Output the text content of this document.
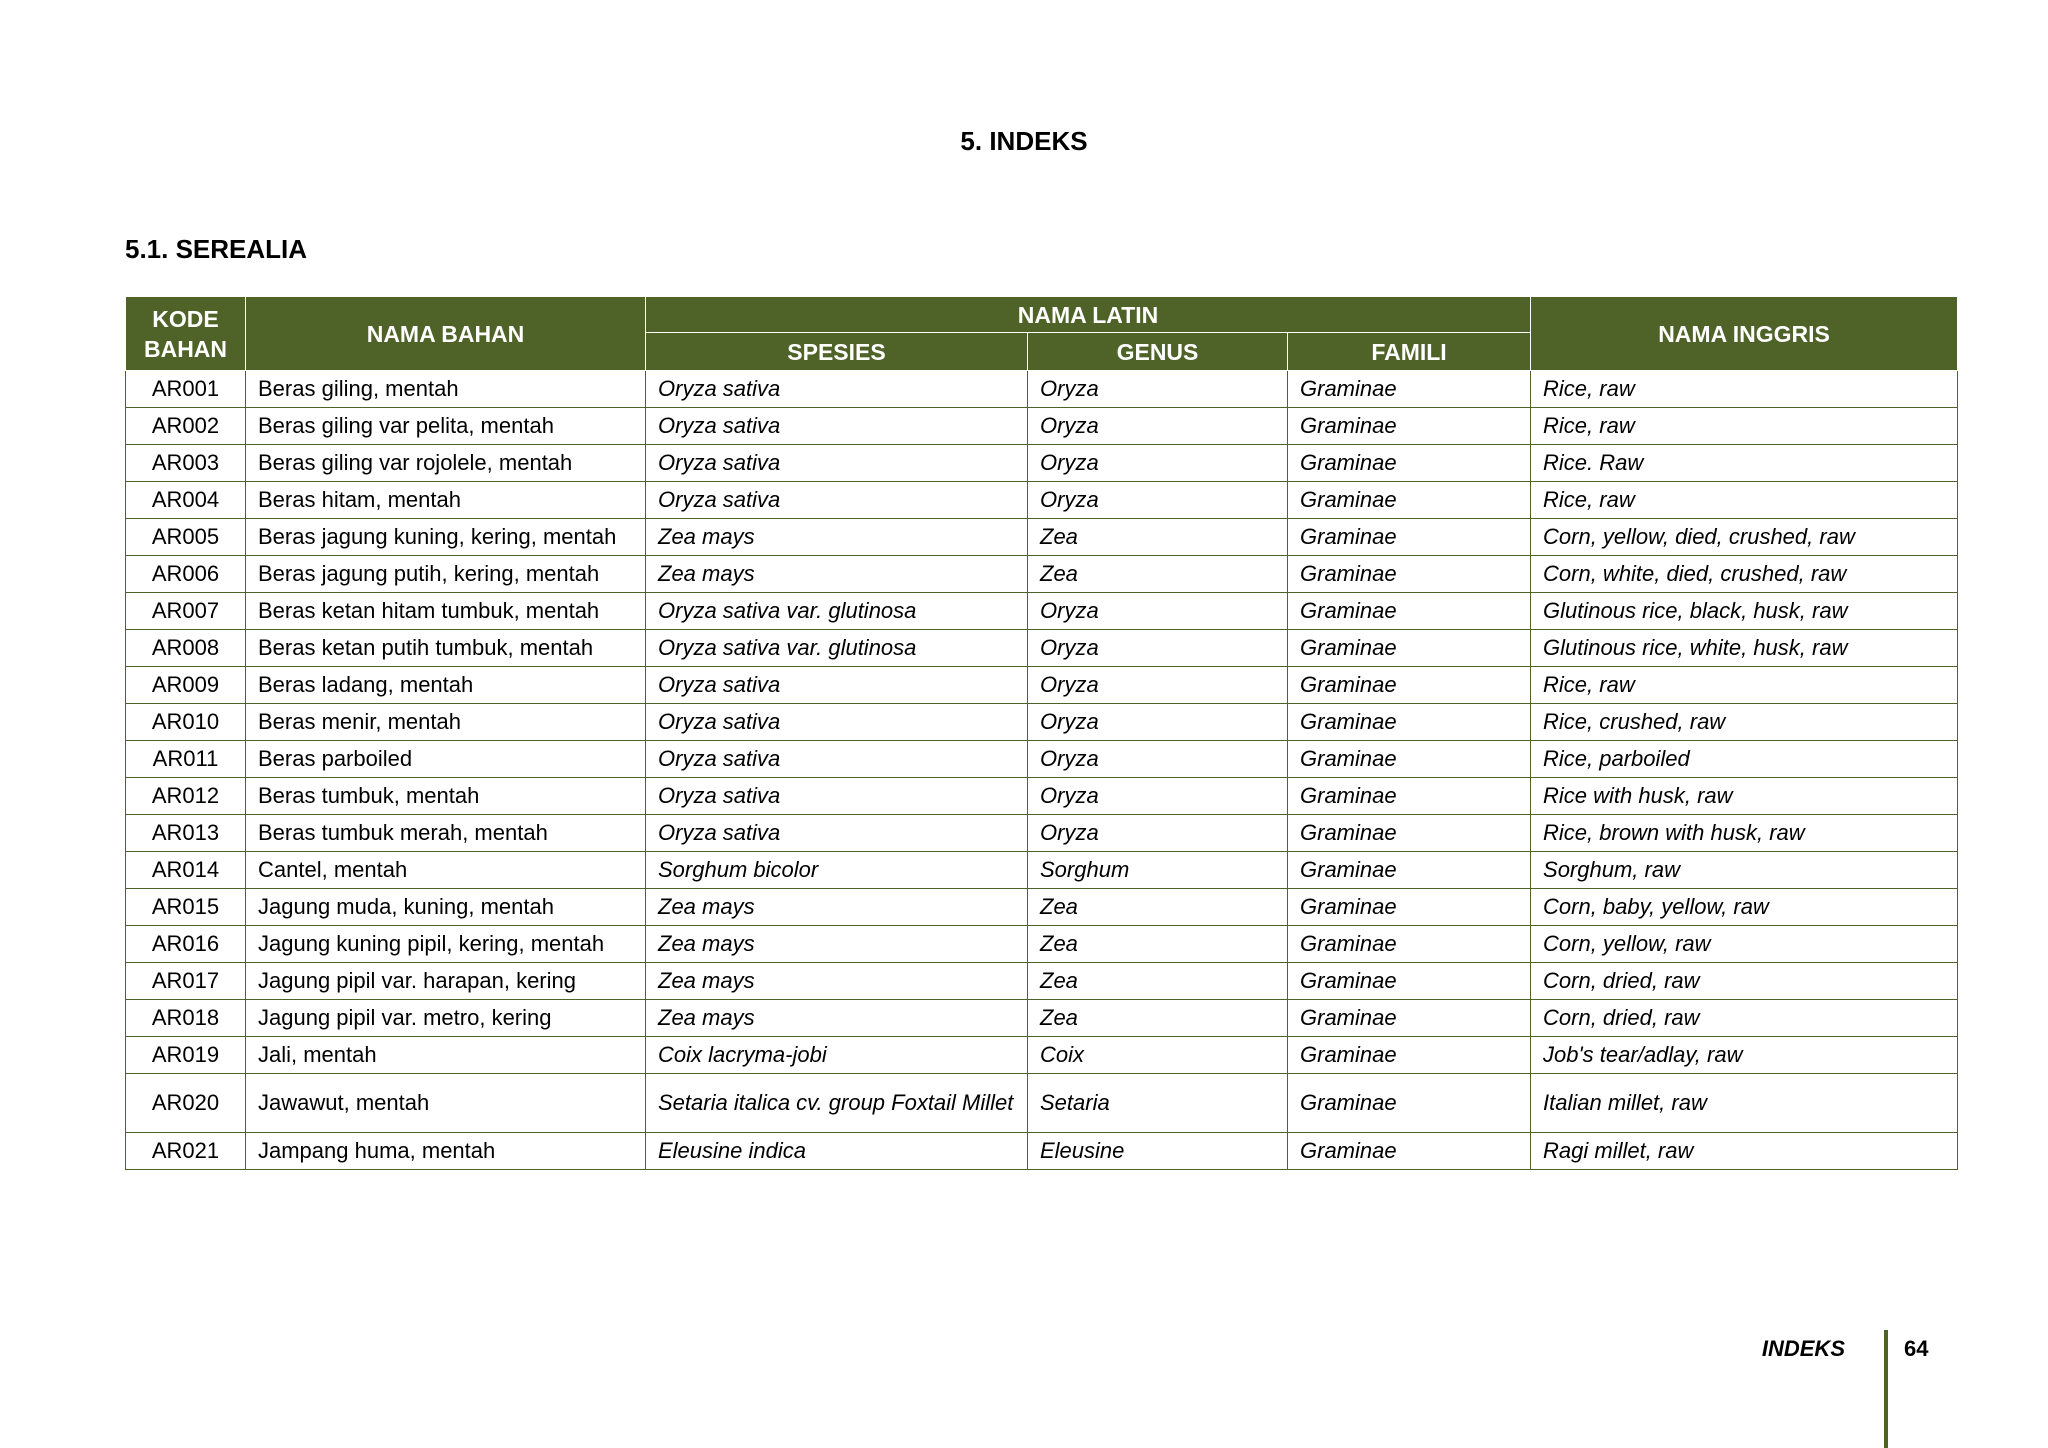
5. INDEKS
5.1. SEREALIA
KODE BAHAN	NAMA BAHAN	NAMA LATIN			NAMA INGGRIS
		SPESIES	GENUS	FAMILI	
AR001	Beras giling, mentah	Oryza sativa	Oryza	Graminae	Rice, raw
AR002	Beras giling var pelita, mentah	Oryza sativa	Oryza	Graminae	Rice, raw
AR003	Beras giling var rojolele, mentah	Oryza sativa	Oryza	Graminae	Rice. Raw
AR004	Beras hitam, mentah	Oryza sativa	Oryza	Graminae	Rice, raw
AR005	Beras jagung kuning, kering, mentah	Zea mays	Zea	Graminae	Corn, yellow, died, crushed, raw
AR006	Beras jagung putih, kering, mentah	Zea mays	Zea	Graminae	Corn, white, died, crushed, raw
AR007	Beras ketan hitam tumbuk, mentah	Oryza sativa var. glutinosa	Oryza	Graminae	Glutinous rice, black, husk, raw
AR008	Beras ketan putih tumbuk, mentah	Oryza sativa var. glutinosa	Oryza	Graminae	Glutinous rice, white, husk, raw
AR009	Beras ladang, mentah	Oryza sativa	Oryza	Graminae	Rice, raw
AR010	Beras menir, mentah	Oryza sativa	Oryza	Graminae	Rice, crushed, raw
AR011	Beras parboiled	Oryza sativa	Oryza	Graminae	Rice, parboiled
AR012	Beras tumbuk, mentah	Oryza sativa	Oryza	Graminae	Rice with husk, raw
AR013	Beras tumbuk merah, mentah	Oryza sativa	Oryza	Graminae	Rice, brown with husk, raw
AR014	Cantel, mentah	Sorghum bicolor	Sorghum	Graminae	Sorghum, raw
AR015	Jagung muda, kuning, mentah	Zea mays	Zea	Graminae	Corn, baby, yellow, raw
AR016	Jagung kuning pipil, kering, mentah	Zea mays	Zea	Graminae	Corn, yellow, raw
AR017	Jagung pipil var. harapan, kering	Zea mays	Zea	Graminae	Corn, dried, raw
AR018	Jagung pipil var. metro, kering	Zea mays	Zea	Graminae	Corn, dried, raw
AR019	Jali, mentah	Coix lacryma-jobi	Coix	Graminae	Job's tear/adlay, raw
AR020	Jawawut, mentah	Setaria italica cv. group Foxtail Millet	Setaria	Graminae	Italian millet, raw
AR021	Jampang huma, mentah	Eleusine indica	Eleusine	Graminae	Ragi millet, raw
INDEKS	64
